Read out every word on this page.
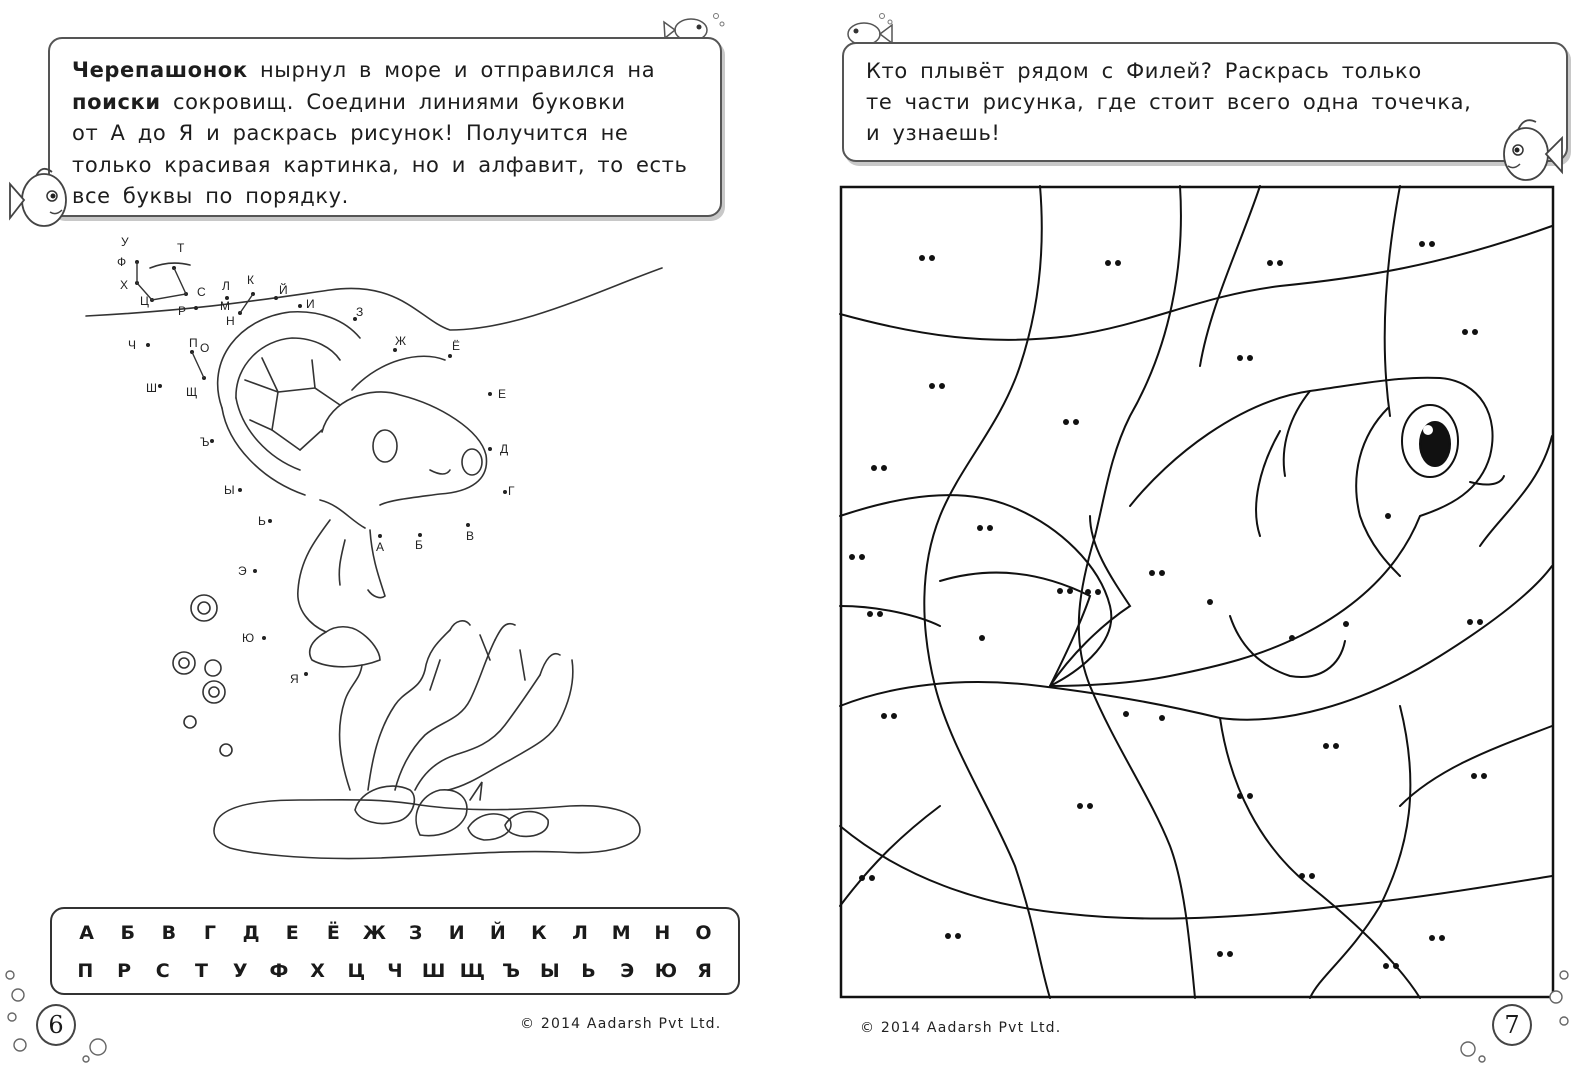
Черепашонок нырнул в море и отправился на

поиски сокровищ. Соедини линиями буковки

от А до Я и раскрась рисунок! Получится не

только красивая картинка, но и алфавит, то есть

все буквы по порядку.

У	Т
Ф
Х
Ц
Р
С Л К
М
Н
Й
И
З
Ч	П О	Ж	Ё
Ш Щ	Е
Ъ	Д
Ы	Г
Ь
А	Б
В
Э
Ю
Я
А	Б	В	Г	Д	Е	Ё	Ж	З	И	Й	К	Л	М	Н	О
П	Р	С	Т	У	Ф	Х	Ц	Ч	Ш Щ Ъ Ы	Ь	Э	Ю	Я
6	© 2014 Aadarsh Pvt Ltd.

Кто плывёт рядом с Филей? Раскрась только

те части рисунка, где стоит всего одна точечка,

и узнаешь!

7
© 2014 Aadarsh Pvt Ltd.
